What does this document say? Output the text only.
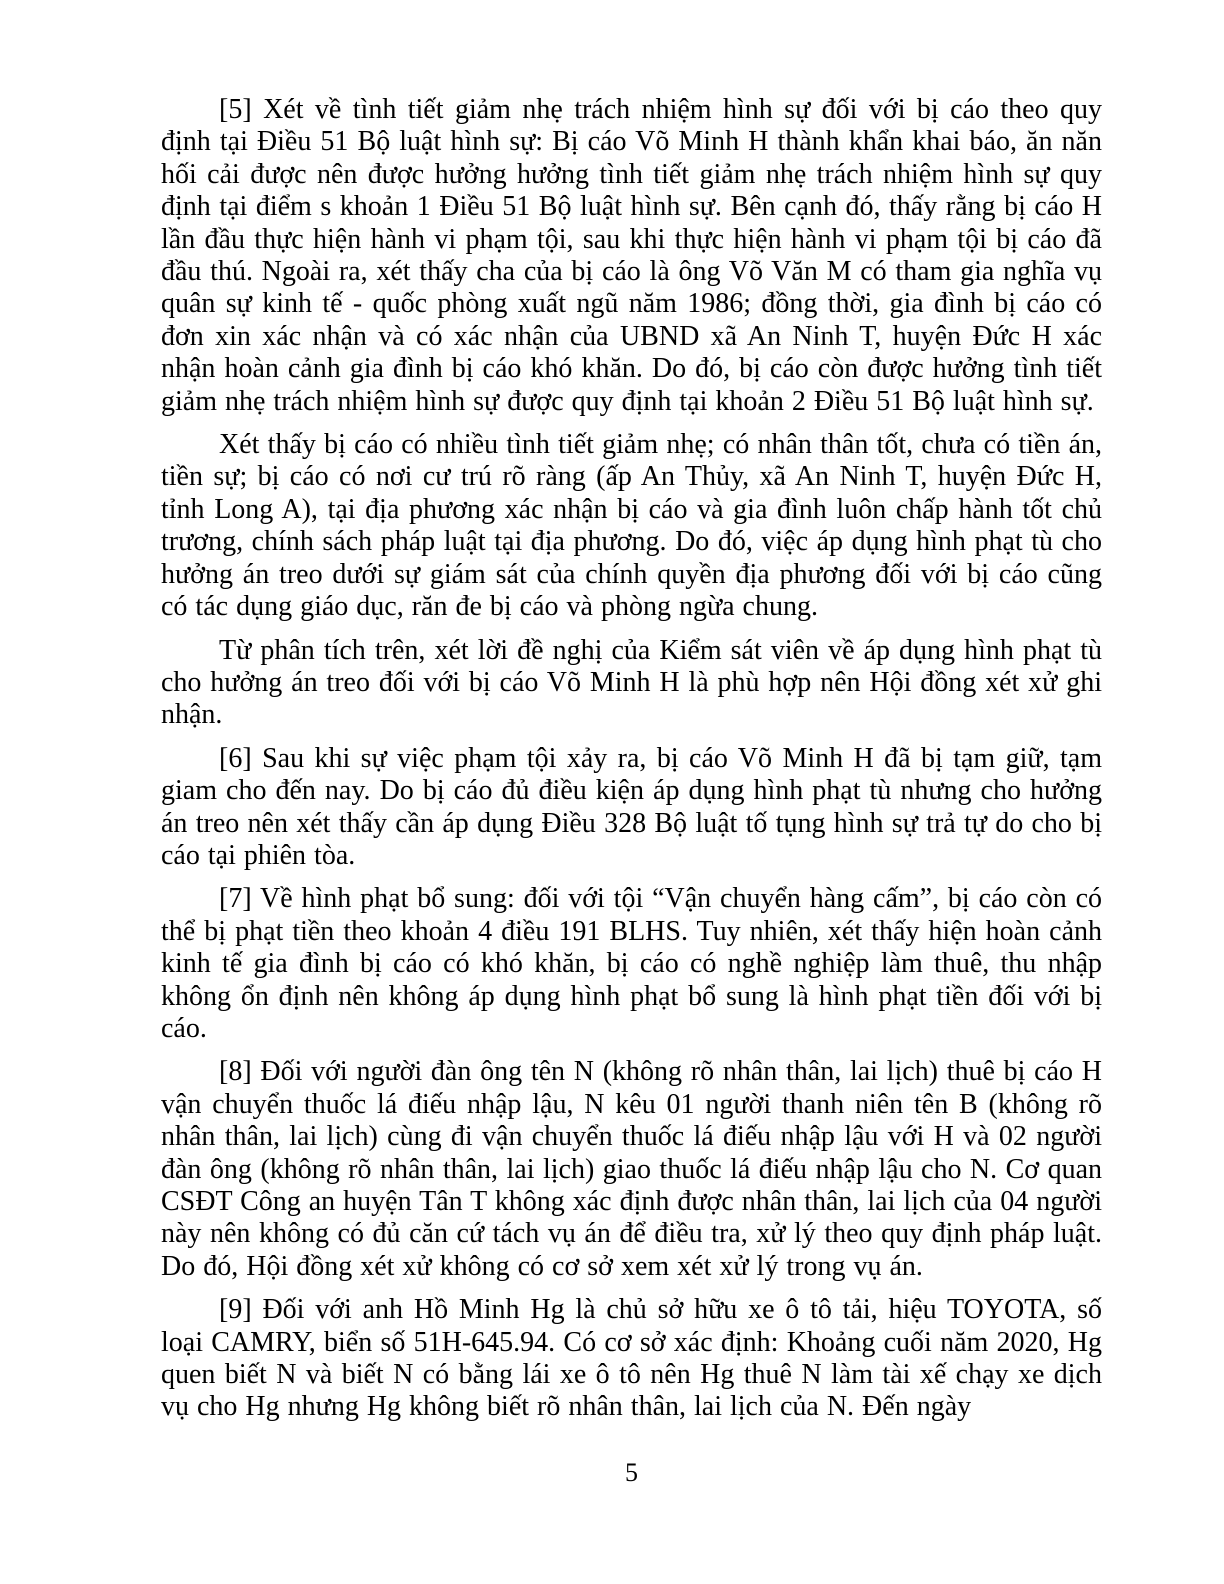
[5] Xét về tình tiết giảm nhẹ trách nhiệm hình sự đối với bị cáo theo quy định tại Điều 51 Bộ luật hình sự: Bị cáo Võ Minh H thành khẩn khai báo, ăn năn hối cải được nên được hưởng hưởng tình tiết giảm nhẹ trách nhiệm hình sự quy định tại điểm s khoản 1 Điều 51 Bộ luật hình sự. Bên cạnh đó, thấy rằng bị cáo H lần đầu thực hiện hành vi phạm tội, sau khi thực hiện hành vi phạm tội bị cáo đã đầu thú. Ngoài ra, xét thấy cha của bị cáo là ông Võ Văn M có tham gia nghĩa vụ quân sự kinh tế - quốc phòng xuất ngũ năm 1986; đồng thời, gia đình bị cáo có đơn xin xác nhận và có xác nhận của UBND xã An Ninh T, huyện Đức H xác nhận hoàn cảnh gia đình bị cáo khó khăn. Do đó, bị cáo còn được hưởng tình tiết giảm nhẹ trách nhiệm hình sự được quy định tại khoản 2 Điều 51 Bộ luật hình sự.

Xét thấy bị cáo có nhiều tình tiết giảm nhẹ; có nhân thân tốt, chưa có tiền án, tiền sự; bị cáo có nơi cư trú rõ ràng (ấp An Thủy, xã An Ninh T, huyện Đức H, tỉnh Long A), tại địa phương xác nhận bị cáo và gia đình luôn chấp hành tốt chủ trương, chính sách pháp luật tại địa phương. Do đó, việc áp dụng hình phạt tù cho hưởng án treo dưới sự giám sát của chính quyền địa phương đối với bị cáo cũng có tác dụng giáo dục, răn đe bị cáo và phòng ngừa chung.

Từ phân tích trên, xét lời đề nghị của Kiểm sát viên về áp dụng hình phạt tù cho hưởng án treo đối với bị cáo Võ Minh H là phù hợp nên Hội đồng xét xử ghi nhận.

[6] Sau khi sự việc phạm tội xảy ra, bị cáo Võ Minh H đã bị tạm giữ, tạm giam cho đến nay. Do bị cáo đủ điều kiện áp dụng hình phạt tù nhưng cho hưởng án treo nên xét thấy cần áp dụng Điều 328 Bộ luật tố tụng hình sự trả tự do cho bị cáo tại phiên tòa.

[7] Về hình phạt bổ sung: đối với tội “Vận chuyển hàng cấm”, bị cáo còn có thể bị phạt tiền theo khoản 4 điều 191 BLHS. Tuy nhiên, xét thấy hiện hoàn cảnh kinh tế gia đình bị cáo có khó khăn, bị cáo có nghề nghiệp làm thuê, thu nhập không ổn định nên không áp dụng hình phạt bổ sung là hình phạt tiền đối với bị cáo.

[8] Đối với người đàn ông tên N (không rõ nhân thân, lai lịch) thuê bị cáo H vận chuyển thuốc lá điếu nhập lậu, N kêu 01 người thanh niên tên B (không rõ nhân thân, lai lịch) cùng đi vận chuyển thuốc lá điếu nhập lậu với H và 02 người đàn ông (không rõ nhân thân, lai lịch) giao thuốc lá điếu nhập lậu cho N. Cơ quan CSĐT Công an huyện Tân T không xác định được nhân thân, lai lịch của 04 người này nên không có đủ căn cứ tách vụ án để điều tra, xử lý theo quy định pháp luật. Do đó, Hội đồng xét xử không có cơ sở xem xét xử lý trong vụ án.

[9] Đối với anh Hồ Minh Hg là chủ sở hữu xe ô tô tải, hiệu TOYOTA, số loại CAMRY, biển số 51H-645.94. Có cơ sở xác định: Khoảng cuối năm 2020, Hg quen biết N và biết N có bằng lái xe ô tô nên Hg thuê N làm tài xế chạy xe dịch vụ cho Hg nhưng Hg không biết rõ nhân thân, lai lịch của N. Đến ngày

5
